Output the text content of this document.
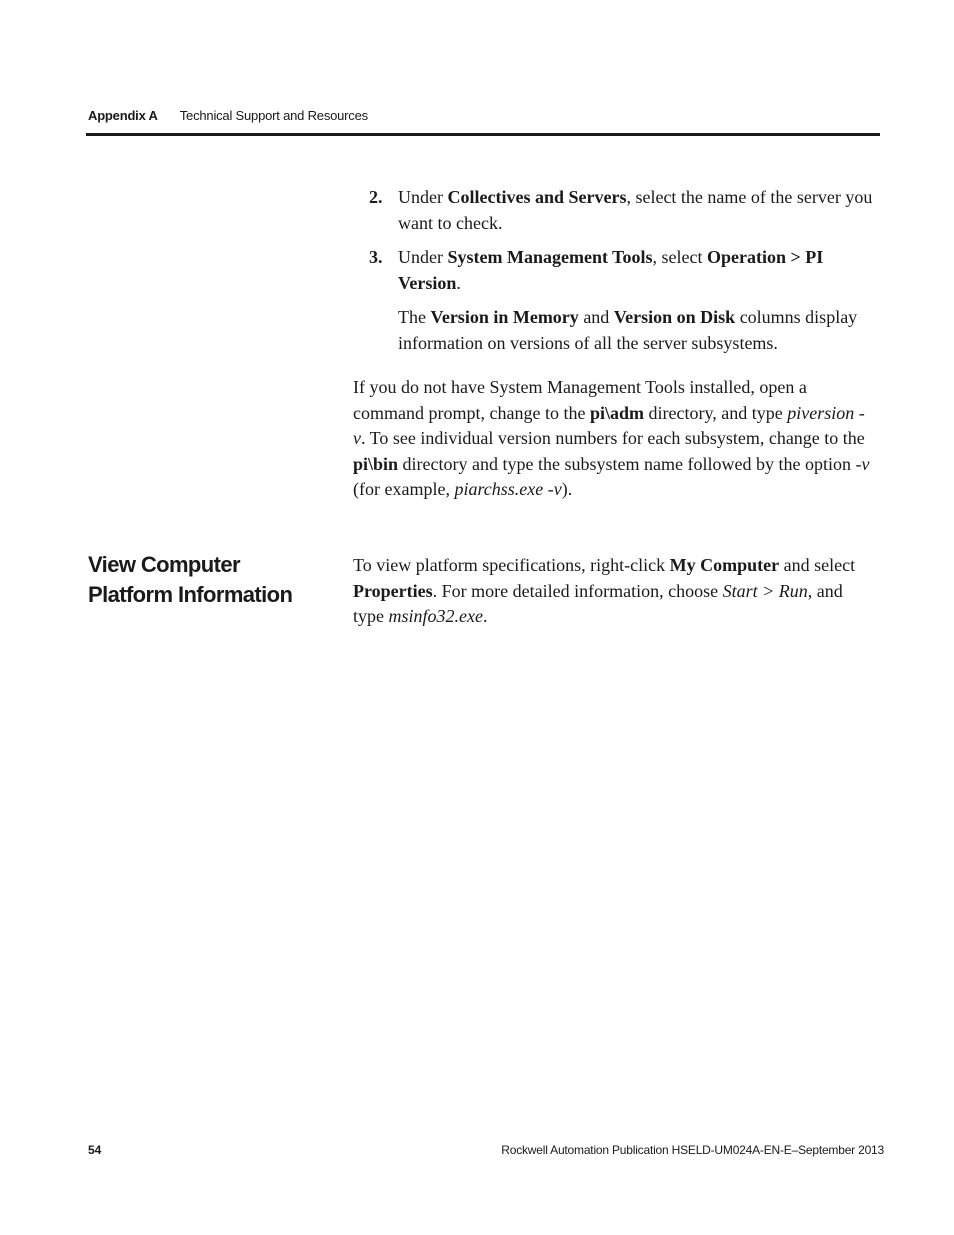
Appendix A Technical Support and Resources
2. Under Collectives and Servers, select the name of the server you want to check.
3. Under System Management Tools, select Operation > PI Version.
The Version in Memory and Version on Disk columns display information on versions of all the server subsystems.
If you do not have System Management Tools installed, open a command prompt, change to the pi\adm directory, and type piversion -v. To see individual version numbers for each subsystem, change to the pi\bin directory and type the subsystem name followed by the option -v (for example, piarchss.exe -v).
View Computer Platform Information
To view platform specifications, right-click My Computer and select Properties. For more detailed information, choose Start > Run, and type msinfo32.exe.
54	Rockwell Automation Publication HSELD-UM024A-EN-E–September 2013
